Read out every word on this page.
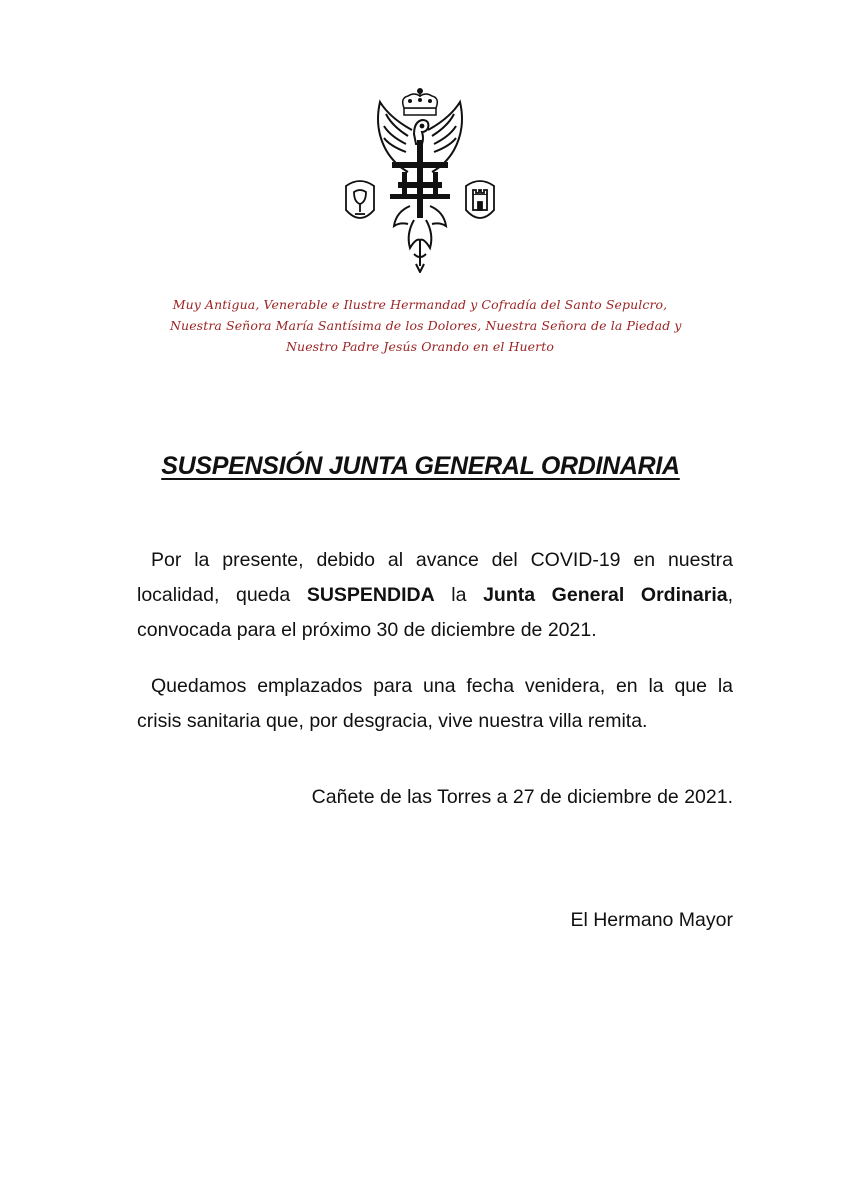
Muy Antigua, Venerable e Ilustre Hermandad y Cofradía del Santo Sepulcro,
Nuestra Señora María Santísima de los Dolores, Nuestra Señora de la Piedad y
Nuestro Padre Jesús Orando en el Huerto
SUSPENSIÓN JUNTA GENERAL ORDINARIA
Por la presente, debido al avance del COVID-19 en nuestra
localidad, queda SUSPENDIDA la Junta General Ordinaria,
convocada para el próximo 30 de diciembre de 2021.
Quedamos emplazados para una fecha venidera, en la que la
crisis sanitaria que, por desgracia, vive nuestra villa remita.
Cañete de las Torres a 27 de diciembre de 2021.
El Hermano Mayor
